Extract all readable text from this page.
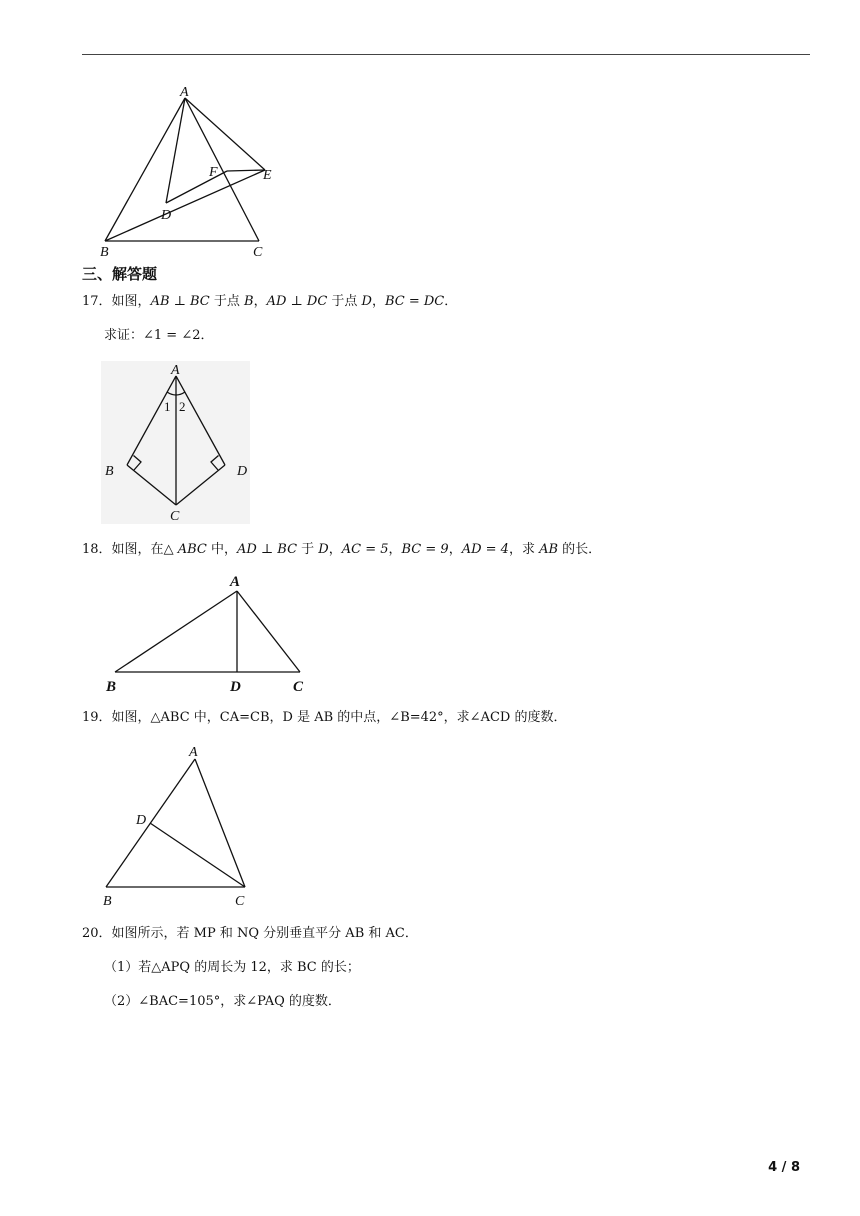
A
B	C
D
E
F
三、解答题
17．如图，AB ⊥ BC 于点 B，AD ⊥ DC 于点 D，BC = DC．
求证：∠1 = ∠2．
A
B
C
D
1 2
18．如图，在△ ABC 中，AD ⊥ BC 于 D，AC = 5，BC = 9，AD = 4，求 AB 的长．
A
B	D	C
19．如图，△ABC 中，CA=CB，D 是 AB 的中点，∠B=42°，求∠ACD 的度数．
A
D
B	C
20．如图所示，若 MP 和 NQ 分别垂直平分 AB 和 AC．
（1）若△APQ 的周长为 12，求 BC 的长；
（2）∠BAC=105°，求∠PAQ 的度数．
4 / 8
